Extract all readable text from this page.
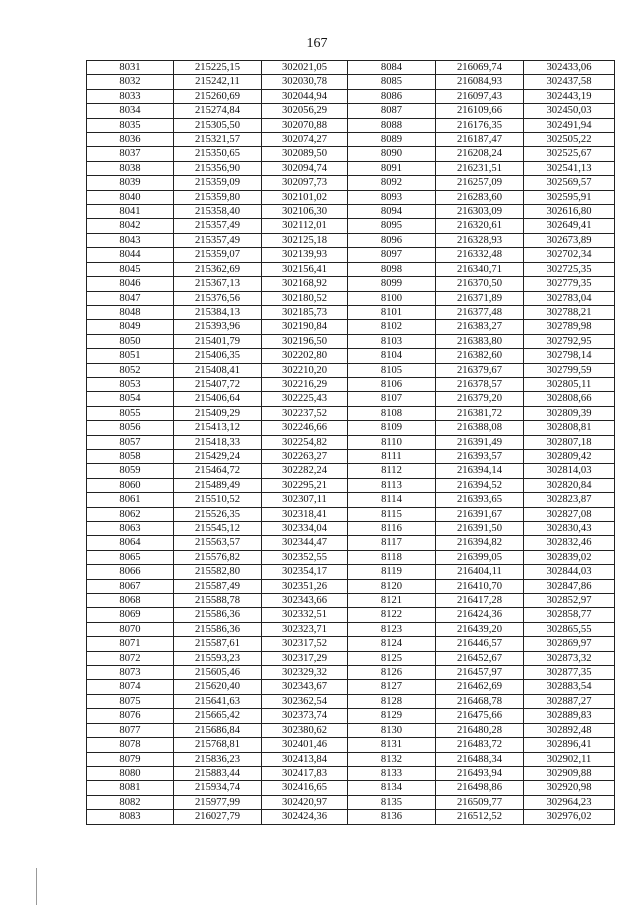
167
8031	215225,15	302021,05	8084	216069,74	302433,06
8032	215242,11	302030,78	8085	216084,93	302437,58
8033	215260,69	302044,94	8086	216097,43	302443,19
8034	215274,84	302056,29	8087	216109,66	302450,03
8035	215305,50	302070,88	8088	216176,35	302491,94
8036	215321,57	302074,27	8089	216187,47	302505,22
8037	215350,65	302089,50	8090	216208,24	302525,67
8038	215356,90	302094,74	8091	216231,51	302541,13
8039	215359,09	302097,73	8092	216257,09	302569,57
8040	215359,80	302101,02	8093	216283,60	302595,91
8041	215358,40	302106,30	8094	216303,09	302616,80
8042	215357,49	302112,01	8095	216320,61	302649,41
8043	215357,49	302125,18	8096	216328,93	302673,89
8044	215359,07	302139,93	8097	216332,48	302702,34
8045	215362,69	302156,41	8098	216340,71	302725,35
8046	215367,13	302168,92	8099	216370,50	302779,35
8047	215376,56	302180,52	8100	216371,89	302783,04
8048	215384,13	302185,73	8101	216377,48	302788,21
8049	215393,96	302190,84	8102	216383,27	302789,98
8050	215401,79	302196,50	8103	216383,80	302792,95
8051	215406,35	302202,80	8104	216382,60	302798,14
8052	215408,41	302210,20	8105	216379,67	302799,59
8053	215407,72	302216,29	8106	216378,57	302805,11
8054	215406,64	302225,43	8107	216379,20	302808,66
8055	215409,29	302237,52	8108	216381,72	302809,39
8056	215413,12	302246,66	8109	216388,08	302808,81
8057	215418,33	302254,82	8110	216391,49	302807,18
8058	215429,24	302263,27	8111	216393,57	302809,42
8059	215464,72	302282,24	8112	216394,14	302814,03
8060	215489,49	302295,21	8113	216394,52	302820,84
8061	215510,52	302307,11	8114	216393,65	302823,87
8062	215526,35	302318,41	8115	216391,67	302827,08
8063	215545,12	302334,04	8116	216391,50	302830,43
8064	215563,57	302344,47	8117	216394,82	302832,46
8065	215576,82	302352,55	8118	216399,05	302839,02
8066	215582,80	302354,17	8119	216404,11	302844,03
8067	215587,49	302351,26	8120	216410,70	302847,86
8068	215588,78	302343,66	8121	216417,28	302852,97
8069	215586,36	302332,51	8122	216424,36	302858,77
8070	215586,36	302323,71	8123	216439,20	302865,55
8071	215587,61	302317,52	8124	216446,57	302869,97
8072	215593,23	302317,29	8125	216452,67	302873,32
8073	215605,46	302329,32	8126	216457,97	302877,35
8074	215620,40	302343,67	8127	216462,69	302883,54
8075	215641,63	302362,54	8128	216468,78	302887,27
8076	215665,42	302373,74	8129	216475,66	302889,83
8077	215686,84	302380,62	8130	216480,28	302892,48
8078	215768,81	302401,46	8131	216483,72	302896,41
8079	215836,23	302413,84	8132	216488,34	302902,11
8080	215883,44	302417,83	8133	216493,94	302909,88
8081	215934,74	302416,65	8134	216498,86	302920,98
8082	215977,99	302420,97	8135	216509,77	302964,23
8083	216027,79	302424,36	8136	216512,52	302976,02
